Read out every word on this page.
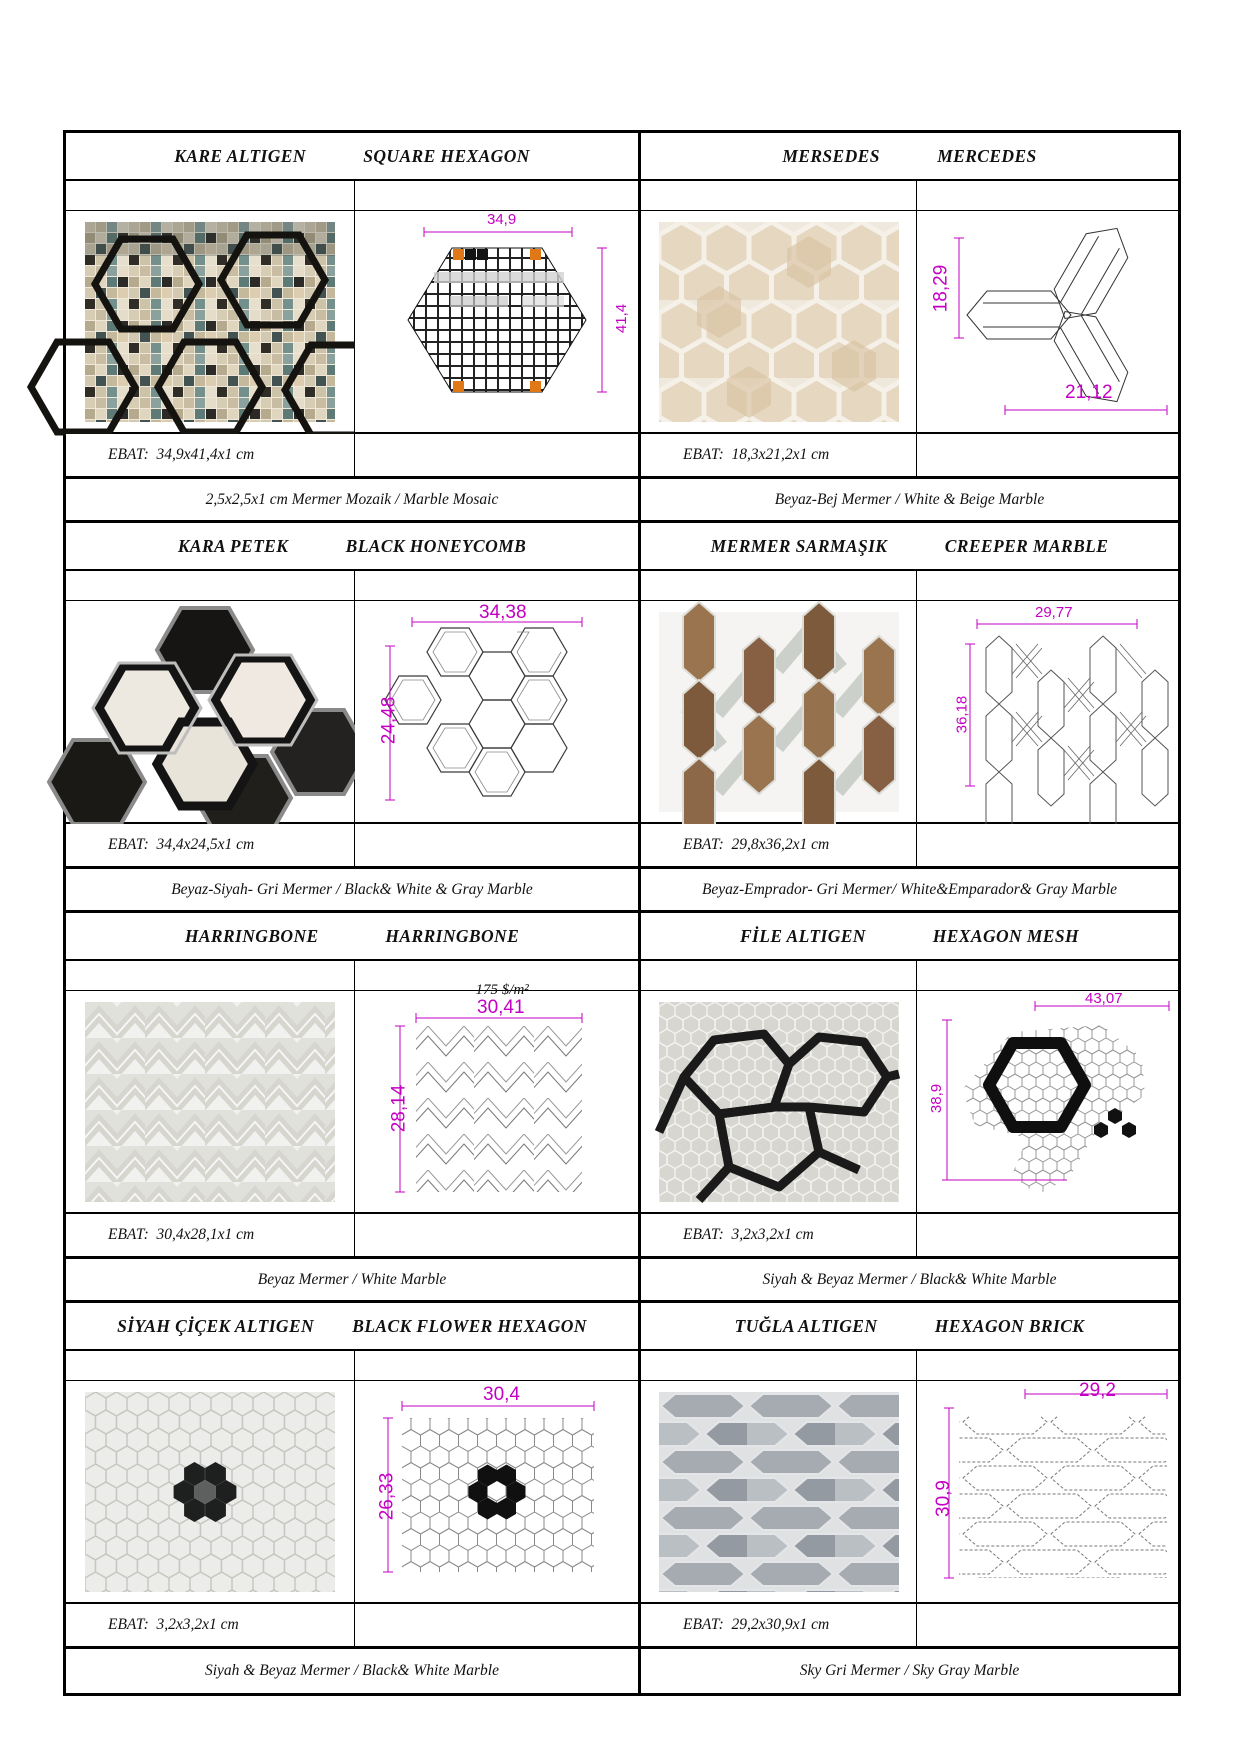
KARE ALTIGEN
	SQUARE HEXAGON	MERSEDES
	MERCEDES
34,9
41,4
18,29
21,12
EBAT:  34,9x41,4x1 cm	EBAT:  18,3x21,2x1 cm
2,5x2,5x1 cm Mermer Mozaik / Marble Mosaic	Beyaz-Bej Mermer / White & Beige Marble
KARA PETEK
	BLACK HONEYCOMB	MERMER SARMAŞIK
	CREEPER MARBLE
34,38
24,48
29,77
36,18
EBAT:  34,4x24,5x1 cm	EBAT:  29,8x36,2x1 cm
Beyaz-Siyah- Gri Mermer / Black& White & Gray Marble	Beyaz-Emprador- Gri Mermer/ White&Emparador& Gray Marble
HARRINGBONE
	HARRINGBONE	FİLE ALTIGEN
	HEXAGON MESH
175 $/m²
30,41
28,14
43,07
38,9
EBAT:  30,4x28,1x1 cm	EBAT:  3,2x3,2x1 cm
Beyaz Mermer / White Marble	Siyah & Beyaz Mermer / Black& White Marble
SİYAH ÇİÇEK ALTIGEN
BLACK FLOWER HEXAGON	TUĞLA ALTIGEN
	HEXAGON BRICK
30,4
26,33
29,2
30,9
EBAT:  3,2x3,2x1 cm	EBAT:  29,2x30,9x1 cm
Siyah & Beyaz Mermer / Black& White Marble	Sky Gri Mermer / Sky Gray Marble
